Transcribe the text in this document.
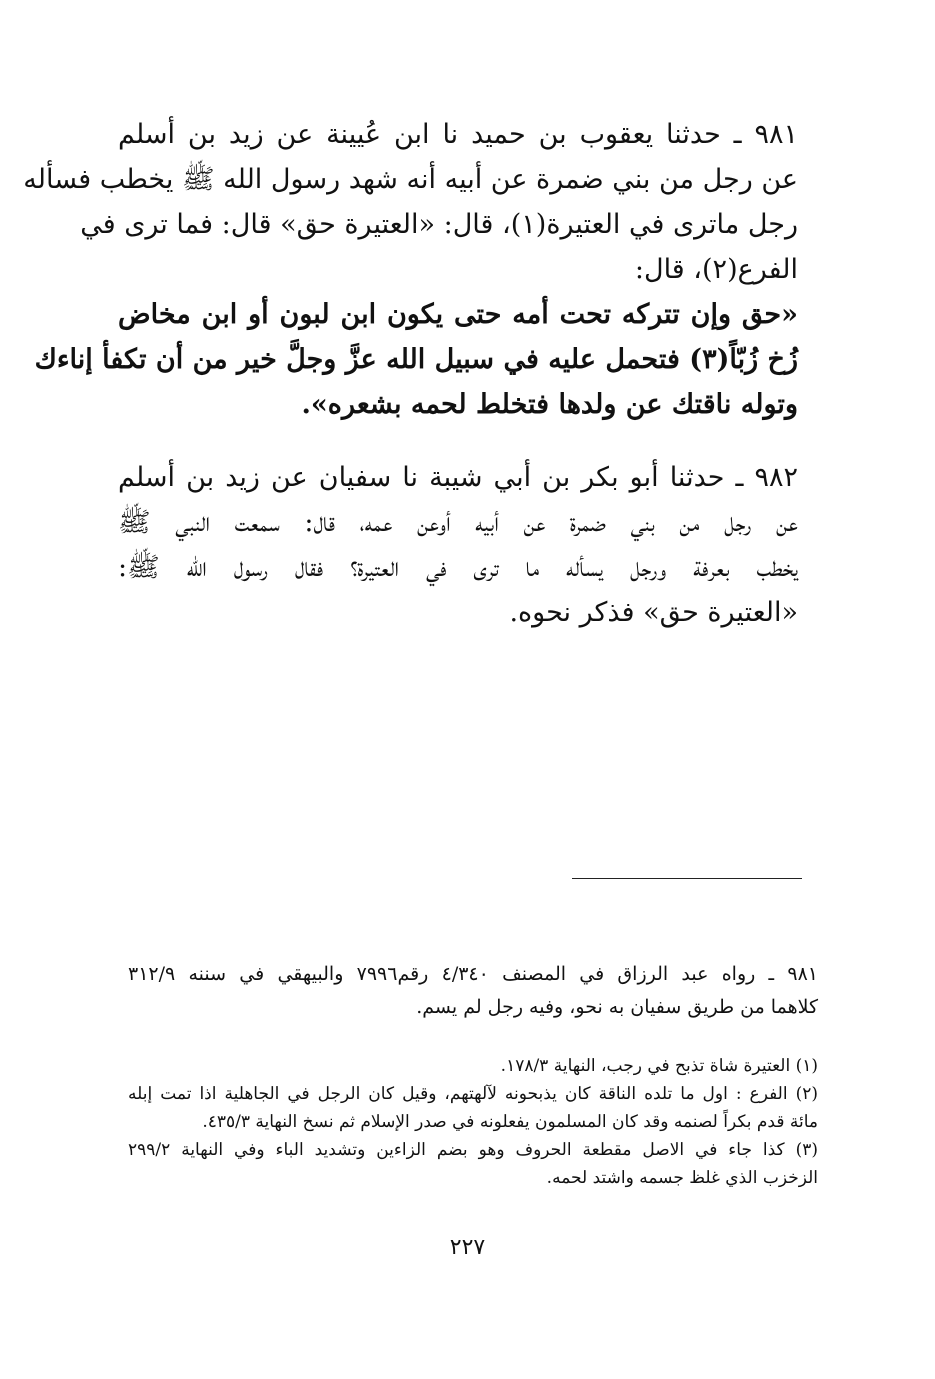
٩٨١ ـ حدثنا يعقوب بن حميد نا ابن عُيينة عن زيد بن أسلم
عن رجل من بني ضمرة عن أبيه أنه شهد رسول الله ﷺ يخطب فسأله
رجل ماترى في العتيرة(١)، قال: «العتيرة حق» قال: فما ترى في
الفرع(٢)، قال:
«حق وإن تتركه تحت أمه حتى يكون ابن لبون أو ابن مخاض
زُخ زُبّاً(٣) فتحمل عليه في سبيل الله عزَّ وجلَّ خير من أن تكفأ إناءك
وتوله ناقتك عن ولدها فتخلط لحمه بشعره».
٩٨٢ ـ حدثنا أبو بكر بن أبي شيبة نا سفيان عن زيد بن أسلم
عن رجل من بني ضمرة عن أبيه أوعن عمه، قال: سمعت النبي ﷺ
يخطب بعرفة ورجل يسأله ما ترى في العتيرة؟ فقال رسول الله ﷺ:
«العتيرة حق» فذكر نحوه.
٩٨١ ـ رواه عبد الرزاق في المصنف ٤/٣٤٠ رقم٧٩٩٦ والبيهقي في سننه ٣١٢/٩
كلاهما من طريق سفيان به نحو، وفيه رجل لم يسم.
(١) العتيرة شاة تذبح في رجب، النهاية ١٧٨/٣.
(٢) الفرع : اول ما تلده الناقة كان يذبحونه لآلهتهم، وقيل كان الرجل في الجاهلية اذا تمت إبله
مائة قدم بكراً لصنمه وقد كان المسلمون يفعلونه في صدر الإسلام ثم نسخ النهاية ٤٣٥/٣.
(٣) كذا جاء في الاصل مقطعة الحروف وهو بضم الزاءين وتشديد الباء وفي النهاية ٢٩٩/٢
الزخزب الذي غلظ جسمه واشتد لحمه.
٢٢٧
